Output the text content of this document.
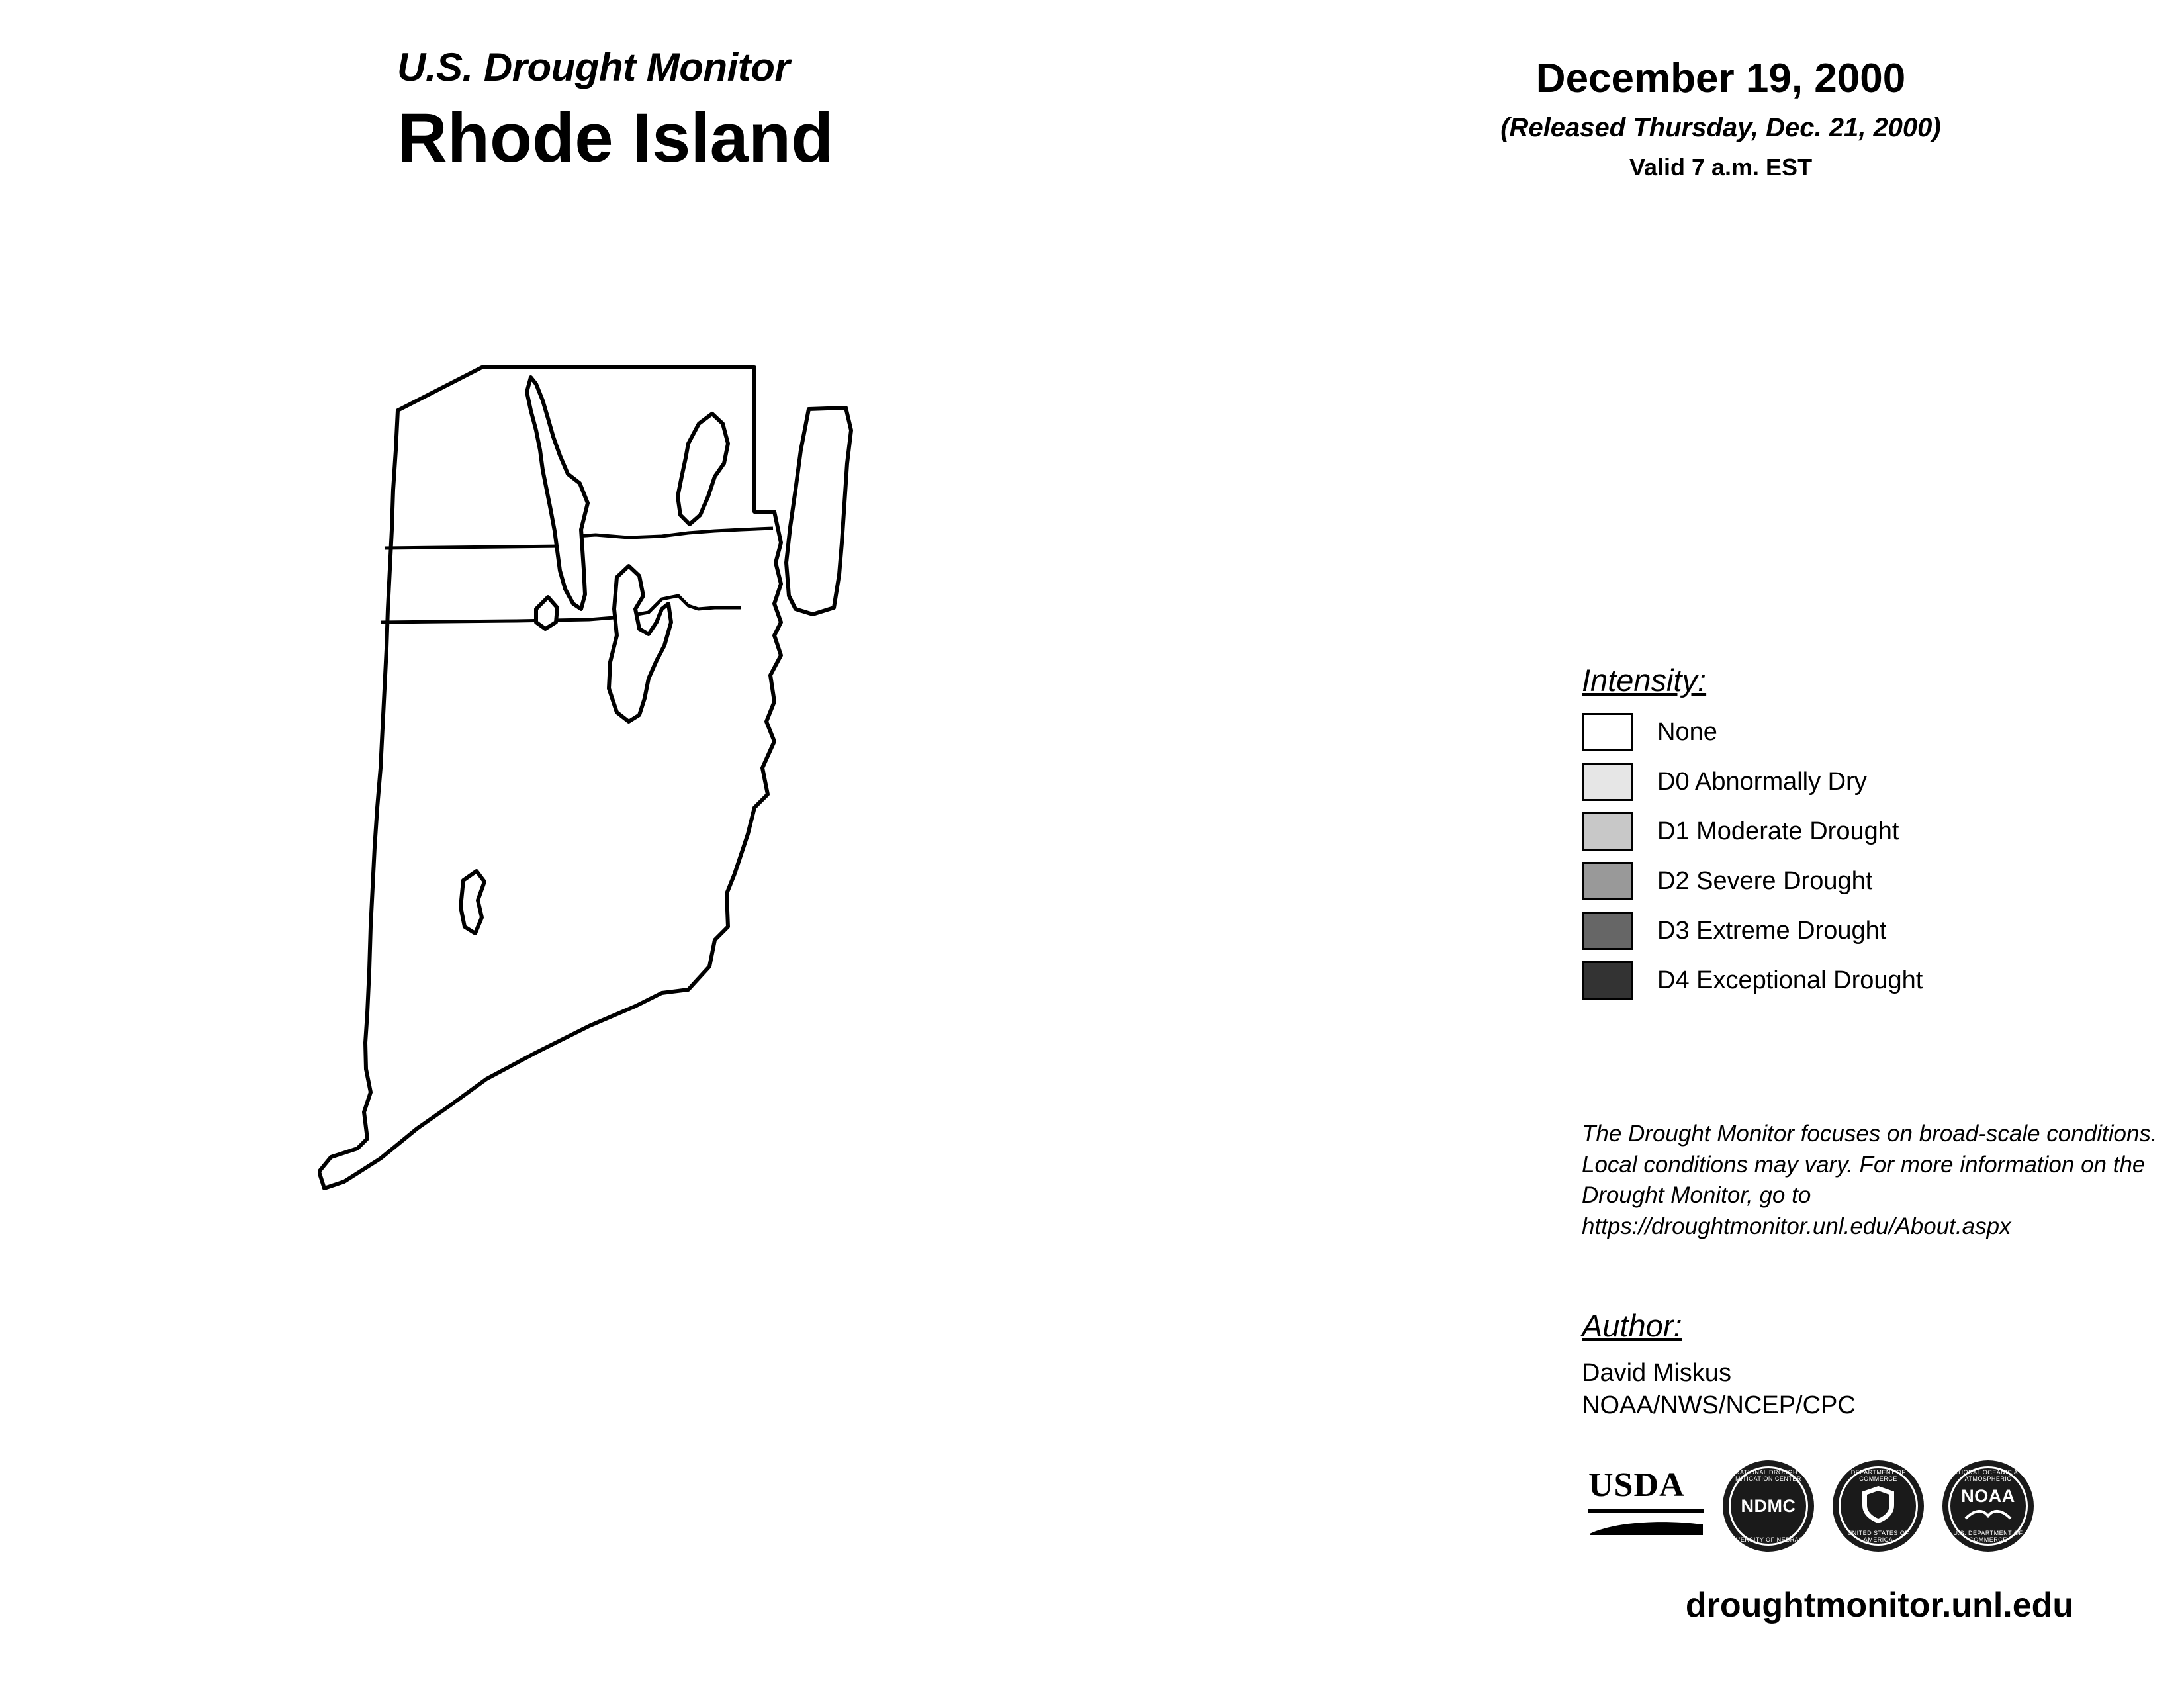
U.S. Drought Monitor
Rhode Island
December 19, 2000
(Released Thursday, Dec. 21, 2000)
Valid 7 a.m. EST
Intensity:
None
D0 Abnormally Dry
D1 Moderate Drought
D2 Severe Drought
D3 Extreme Drought
D4 Exceptional Drought
The Drought Monitor focuses on broad-scale conditions. Local conditions may vary. For more information on the Drought Monitor, go to https://droughtmonitor.unl.edu/About.aspx
Author:
David Miskus
NOAA/NWS/NCEP/CPC
USDA	NATIONAL DROUGHT MITIGATION CENTER
NDMC
UNIVERSITY OF NEBRASKA
DEPARTMENT OF COMMERCE
UNITED STATES OF AMERICA
NATIONAL OCEANIC AND ATMOSPHERIC
NOAA
U.S. DEPARTMENT OF COMMERCE
droughtmonitor.unl.edu
